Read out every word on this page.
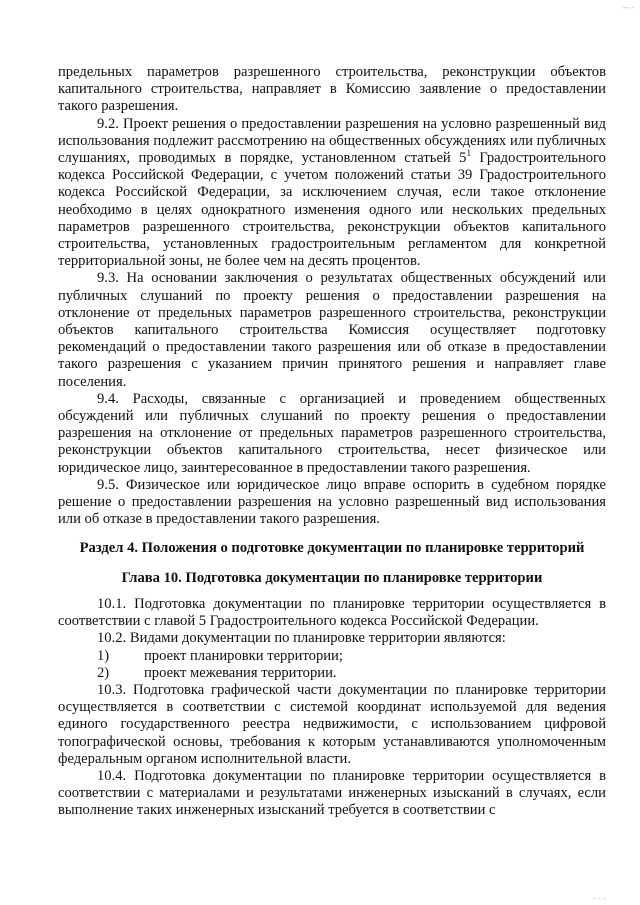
‐‐ ‐

предельных параметров разрешенного строительства, реконструкции объектов капитального строительства, направляет в Комиссию заявление о предоставлении такого разрешения.

9.2. Проект решения о предоставлении разрешения на условно разрешенный вид использования подлежит рассмотрению на общественных обсуждениях или публичных слушаниях, проводимых в порядке, установленном статьей $5^1$ Градостроительного кодекса Российской Федерации, с учетом положений статьи 39 Градостроительного кодекса Российской Федерации, за исключением случая, если такое отклонение необходимо в целях однократного изменения одного или нескольких предельных параметров разрешенного строительства, реконструкции объектов капитального строительства, установленных градостроительным регламентом для конкретной территориальной зоны, не более чем на десять процентов.

9.3. На основании заключения о результатах общественных обсуждений или публичных слушаний по проекту решения о предоставлении разрешения на отклонение от предельных параметров разрешенного строительства, реконструкции объектов капитального строительства Комиссия осуществляет подготовку рекомендаций о предоставлении такого разрешения или об отказе в предоставлении такого разрешения с указанием причин принятого решения и направляет главе поселения.

9.4. Расходы, связанные с организацией и проведением общественных обсуждений или публичных слушаний по проекту решения о предоставлении разрешения на отклонение от предельных параметров разрешенного строительства, реконструкции объектов капитального строительства, несет физическое или юридическое лицо, заинтересованное в предоставлении такого разрешения.

9.5. Физическое или юридическое лицо вправе оспорить в судебном порядке решение о предоставлении разрешения на условно разрешенный вид использования или об отказе в предоставлении такого разрешения.

Раздел 4. Положения о подготовке документации по планировке территорий

Глава 10. Подготовка документации по планировке территории

10.1. Подготовка документации по планировке территории осуществляется в соответствии с главой 5 Градостроительного кодекса Российской Федерации.

10.2. Видами документации по планировке территории являются:

1)	проект планировки территории;
2)	проект межевания территории.

10.3. Подготовка графической части документации по планировке территории осуществляется в соответствии с системой координат используемой для ведения единого государственного реестра недвижимости, с использованием цифровой топографической основы, требования к которым устанавливаются уполномоченным федеральным органом исполнительной власти.

10.4. Подготовка документации по планировке территории осуществляется в соответствии с материалами и результатами инженерных изысканий в случаях, если выполнение таких инженерных изысканий требуется в соответствии с

‐ ‐ ‐
